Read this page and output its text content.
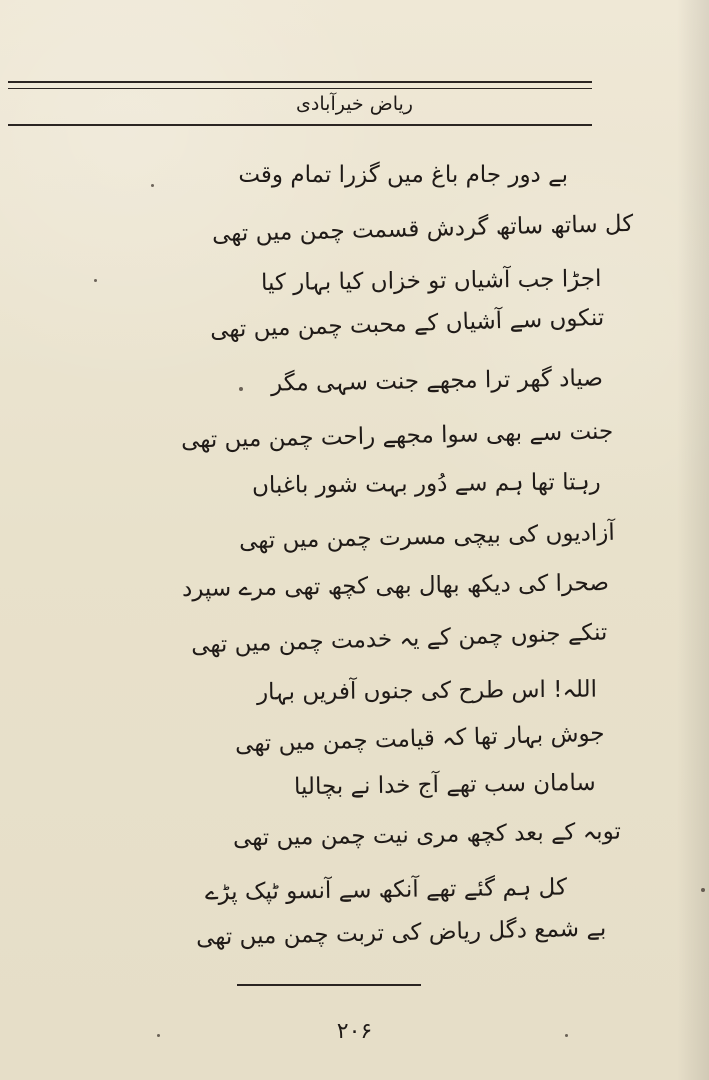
ریاض خیرآبادی
بے دور جام باغ میں گزرا تمام وقت
کل ساتھ ساتھ گردش قسمت چمن میں تھی
اجڑا جب آشیاں تو خزاں کیا بہار کیا
تنکوں سے آشیاں کے محبت چمن میں تھی
صیاد گھر ترا مجھے جنت سہی مگر
جنت سے بھی سوا مجھے راحت چمن میں تھی
رہتا تھا ہم سے دُور بہت شور باغباں
آزادیوں کی بیچی مسرت چمن میں تھی
صحرا کی دیکھ بھال بھی کچھ تھی مرے سپرد
تنکے جنوں چمن کے یہ خدمت چمن میں تھی
اللہ! اس طرح کی جنوں آفریں بہار
جوش بہار تھا کہ قیامت چمن میں تھی
سامان سب تھے آج خدا نے بچالیا
توبہ کے بعد کچھ مری نیت چمن میں تھی
کل ہم گئے تھے آنکھ سے آنسو ٹپک پڑے
بے شمع دگل ریاض کی تربت چمن میں تھی
۲۰۶
